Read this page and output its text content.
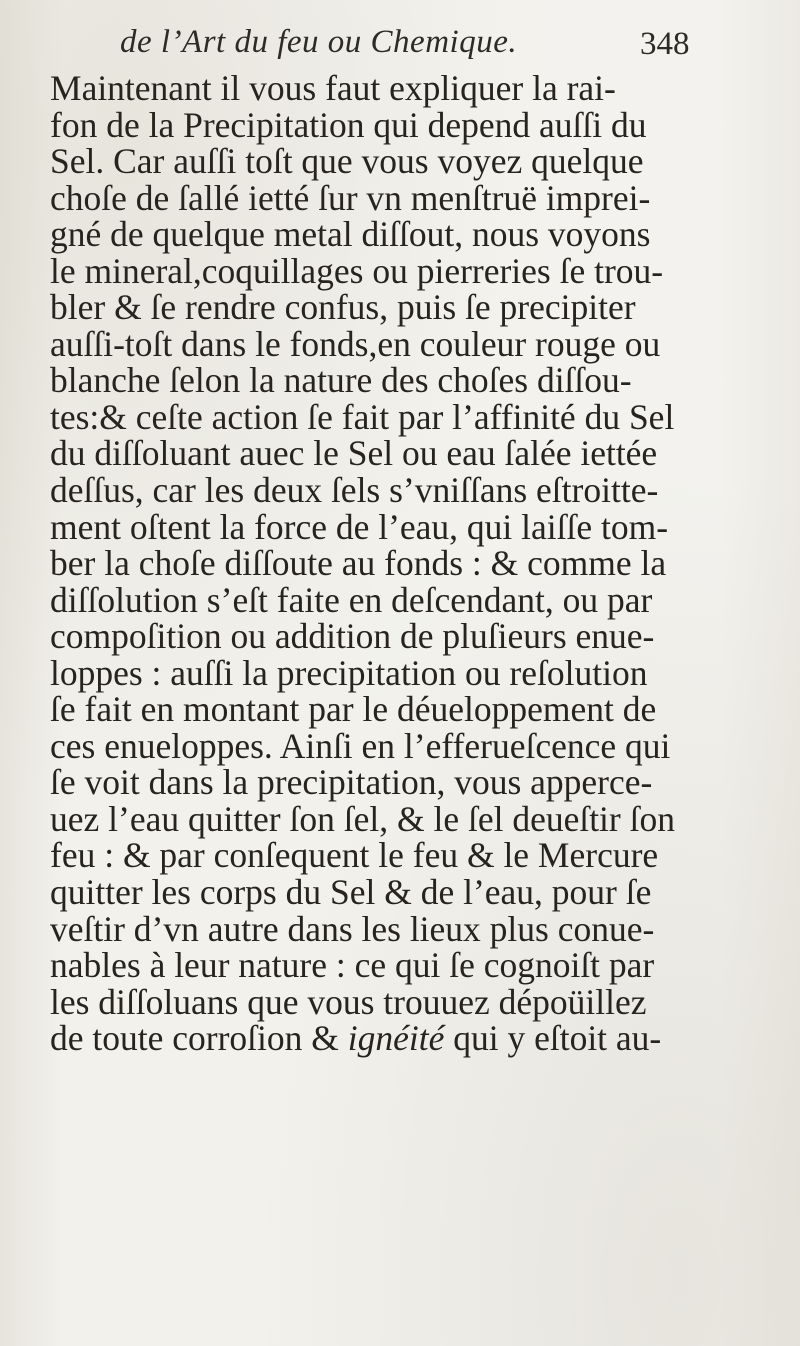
de l’Art du feu ou Chemique.	348
Maintenant il vous faut expliquer la rai-
fon de la Precipitation qui depend auſſi du
Sel. Car auſſi toſt que vous voyez quelque
choſe de ſallé ietté ſur vn menſtruë imprei-
gné de quelque metal diſſout, nous voyons
le mineral,coquillages ou pierreries ſe trou-
bler & ſe rendre confus, puis ſe precipiter
auſſi-toſt dans le fonds,en couleur rouge ou
blanche ſelon la nature des choſes diſſou-
tes:& ceſte action ſe fait par l’affinité du Sel
du diſſoluant auec le Sel ou eau ſalée iettée
deſſus, car les deux ſels s’vniſſans eſtroitte-
ment oſtent la force de l’eau, qui laiſſe tom-
ber la choſe diſſoute au fonds : & comme la
diſſolution s’eſt faite en deſcendant, ou par
compoſition ou addition de pluſieurs enue-
loppes : auſſi la precipitation ou reſolution
ſe fait en montant par le déueloppement de
ces enueloppes. Ainſi en l’efferueſcence qui
ſe voit dans la precipitation, vous apperce-
uez l’eau quitter ſon ſel, & le ſel deueſtir ſon
feu : & par conſequent le feu & le Mercure
quitter les corps du Sel & de l’eau, pour ſe
veſtir d’vn autre dans les lieux plus conue-
nables à leur nature : ce qui ſe cognoiſt par
les diſſoluans que vous trouuez dépoüillez
de toute corroſion & ignéité qui y eſtoit au-
